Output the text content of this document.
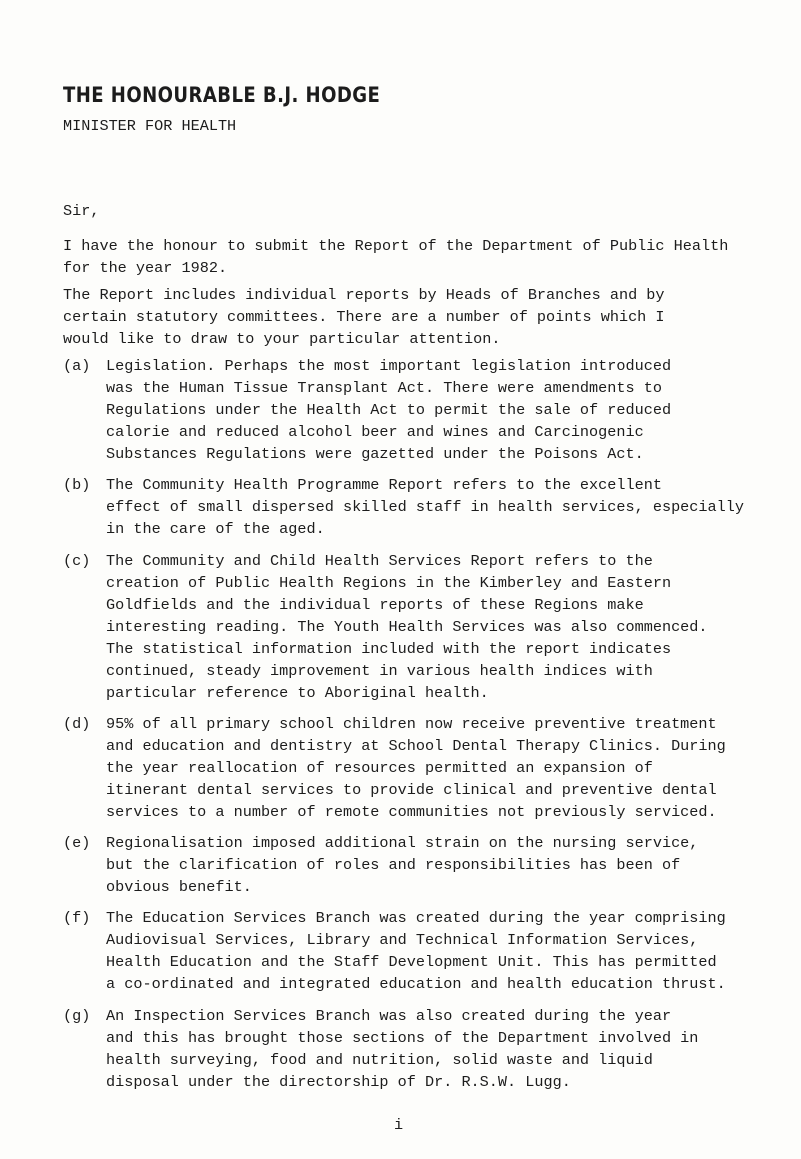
THE HONOURABLE B.J. HODGE
MINISTER FOR HEALTH
Sir,
I have the honour to submit the Report of the Department of Public Health
for the year 1982.
The Report includes individual reports by Heads of Branches and by
certain statutory committees. There are a number of points which I
would like to draw to your particular attention.
(a)	Legislation. Perhaps the most important legislation introduced
was the Human Tissue Transplant Act. There were amendments to
Regulations under the Health Act to permit the sale of reduced
calorie and reduced alcohol beer and wines and Carcinogenic
Substances Regulations were gazetted under the Poisons Act.
(b)	The Community Health Programme Report refers to the excellent
effect of small dispersed skilled staff in health services, especially
in the care of the aged.
(c)	The Community and Child Health Services Report refers to the
creation of Public Health Regions in the Kimberley and Eastern
Goldfields and the individual reports of these Regions make
interesting reading. The Youth Health Services was also commenced.
The statistical information included with the report indicates
continued, steady improvement in various health indices with
particular reference to Aboriginal health.
(d)	95% of all primary school children now receive preventive treatment
and education and dentistry at School Dental Therapy Clinics. During
the year reallocation of resources permitted an expansion of
itinerant dental services to provide clinical and preventive dental
services to a number of remote communities not previously serviced.
(e)	Regionalisation imposed additional strain on the nursing service,
but the clarification of roles and responsibilities has been of
obvious benefit.
(f)	The Education Services Branch was created during the year comprising
Audiovisual Services, Library and Technical Information Services,
Health Education and the Staff Development Unit. This has permitted
a co-ordinated and integrated education and health education thrust.
(g)	An Inspection Services Branch was also created during the year
and this has brought those sections of the Department involved in
health surveying, food and nutrition, solid waste and liquid
disposal under the directorship of Dr. R.S.W. Lugg.
i
